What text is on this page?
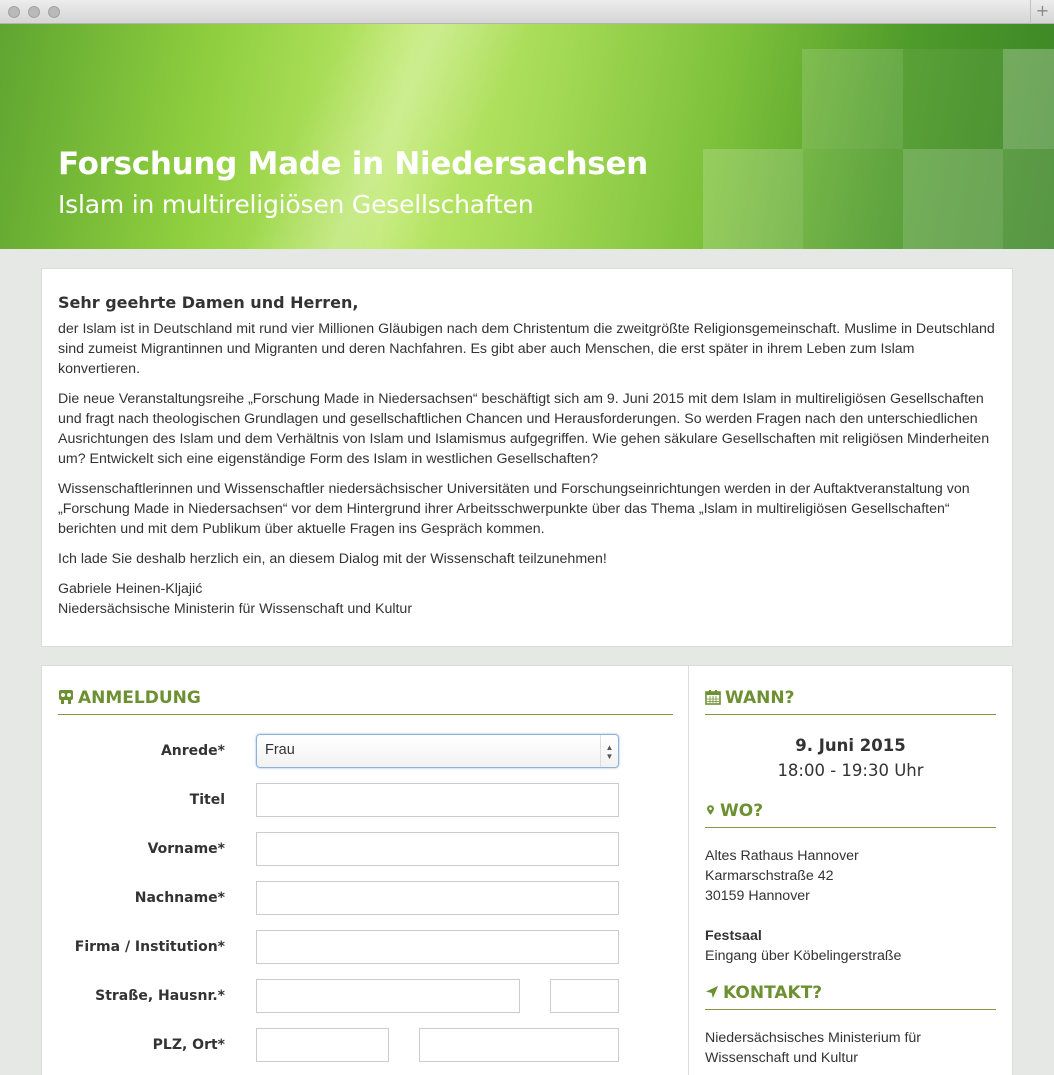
+
Forschung Made in Niedersachsen
Islam in multireligiösen Gesellschaften
Sehr geehrte Damen und Herren,

der Islam ist in Deutschland mit rund vier Millionen Gläubigen nach dem Christentum die zweitgrößte Religionsgemeinschaft. Muslime in Deutschland sind zumeist Migrantinnen und Migranten und deren Nachfahren. Es gibt aber auch Menschen, die erst später in ihrem Leben zum Islam konvertieren.

Die neue Veranstaltungsreihe „Forschung Made in Niedersachsen“ beschäftigt sich am 9. Juni 2015 mit dem Islam in multireligiösen Gesellschaften und fragt nach theologischen Grundlagen und gesellschaftlichen Chancen und Herausforderungen. So werden Fragen nach den unterschiedlichen Ausrichtungen des Islam und dem Verhältnis von Islam und Islamismus aufgegriffen. Wie gehen säkulare Gesellschaften mit religiösen Minderheiten um? Entwickelt sich eine eigenständige Form des Islam in westlichen Gesellschaften?

Wissenschaftlerinnen und Wissenschaftler niedersächsischer Universitäten und Forschungseinrichtungen werden in der Auftaktveranstaltung von „Forschung Made in Niedersachsen“ vor dem Hintergrund ihrer Arbeitsschwerpunkte über das Thema „Islam in multireligiösen Gesellschaften“ berichten und mit dem Publikum über aktuelle Fragen ins Gespräch kommen.

Ich lade Sie deshalb herzlich ein, an diesem Dialog mit der Wissenschaft teilzunehmen!

Gabriele Heinen-Kljajić
Niedersächsische Ministerin für Wissenschaft und Kultur
ANMELDUNG
Anrede*	Frau	▲
▼
Titel
Vorname*
Nachname*
Firma / Institution*
Straße, Hausnr.*
PLZ, Ort*
WANN?
9. Juni 2015
18:00 - 19:30 Uhr
WO?
Altes Rathaus Hannover
Karmarschstraße 42
30159 Hannover
Festsaal
Eingang über Köbelingerstraße
KONTAKT?
Niedersächsisches Ministerium für
Wissenschaft und Kultur
